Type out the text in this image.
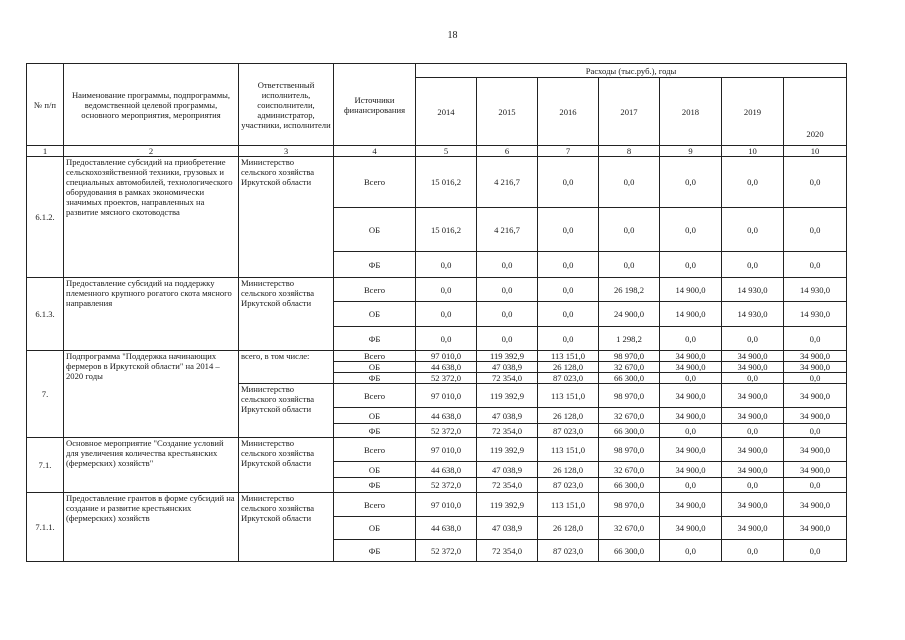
18
№ п/п	Наименование программы, подпрограммы, ведомственной целевой программы, основного мероприятия, мероприятия	Ответственный исполнитель, соисполнители, администратор, участники, исполнители	Источники финансирования	Расходы (тыс.руб.), годы						
				2014	2015	2016	2017	2018	2019	2020
1	2	3	4	5	6	7	8	9	10	10
6.1.2.	Предоставление субсидий на приобретение сельскохозяйственной техники, грузовых и специальных автомобилей, технологического оборудования в рамках экономически значимых проектов, направленных на развитие мясного скотоводства	Министерство сельского хозяйства Иркутской области	Всего	15 016,2	4 216,7	0,0	0,0	0,0	0,0	0,0
			ОБ	15 016,2	4 216,7	0,0	0,0	0,0	0,0	0,0
			ФБ	0,0	0,0	0,0	0,0	0,0	0,0	0,0
6.1.3.	Предоставление субсидий на поддержку племенного крупного рогатого скота мясного направления	Министерство сельского хозяйства Иркутской области	Всего	0,0	0,0	0,0	26 198,2	14 900,0	14 930,0	14 930,0
			ОБ	0,0	0,0	0,0	24 900,0	14 900,0	14 930,0	14 930,0
			ФБ	0,0	0,0	0,0	1 298,2	0,0	0,0	0,0
7.	Подпрограмма "Поддержка начинающих фермеров в Иркутской области" на 2014 – 2020 годы	всего, в том числе:	Всего	97 010,0	119 392,9	113 151,0	98 970,0	34 900,0	34 900,0	34 900,0
			ОБ	44 638,0	47 038,9	26 128,0	32 670,0	34 900,0	34 900,0	34 900,0
			ФБ	52 372,0	72 354,0	87 023,0	66 300,0	0,0	0,0	0,0
		Министерство сельского хозяйства Иркутской области	Всего	97 010,0	119 392,9	113 151,0	98 970,0	34 900,0	34 900,0	34 900,0
			ОБ	44 638,0	47 038,9	26 128,0	32 670,0	34 900,0	34 900,0	34 900,0
			ФБ	52 372,0	72 354,0	87 023,0	66 300,0	0,0	0,0	0,0
7.1.	Основное мероприятие "Создание условий для увеличения количества крестьянских (фермерских) хозяйств"	Министерство сельского хозяйства Иркутской области	Всего	97 010,0	119 392,9	113 151,0	98 970,0	34 900,0	34 900,0	34 900,0
			ОБ	44 638,0	47 038,9	26 128,0	32 670,0	34 900,0	34 900,0	34 900,0
			ФБ	52 372,0	72 354,0	87 023,0	66 300,0	0,0	0,0	0,0
7.1.1.	Предоставление грантов в форме субсидий на создание и развитие крестьянских (фермерских) хозяйств	Министерство сельского хозяйства Иркутской области	Всего	97 010,0	119 392,9	113 151,0	98 970,0	34 900,0	34 900,0	34 900,0
			ОБ	44 638,0	47 038,9	26 128,0	32 670,0	34 900,0	34 900,0	34 900,0
			ФБ	52 372,0	72 354,0	87 023,0	66 300,0	0,0	0,0	0,0
